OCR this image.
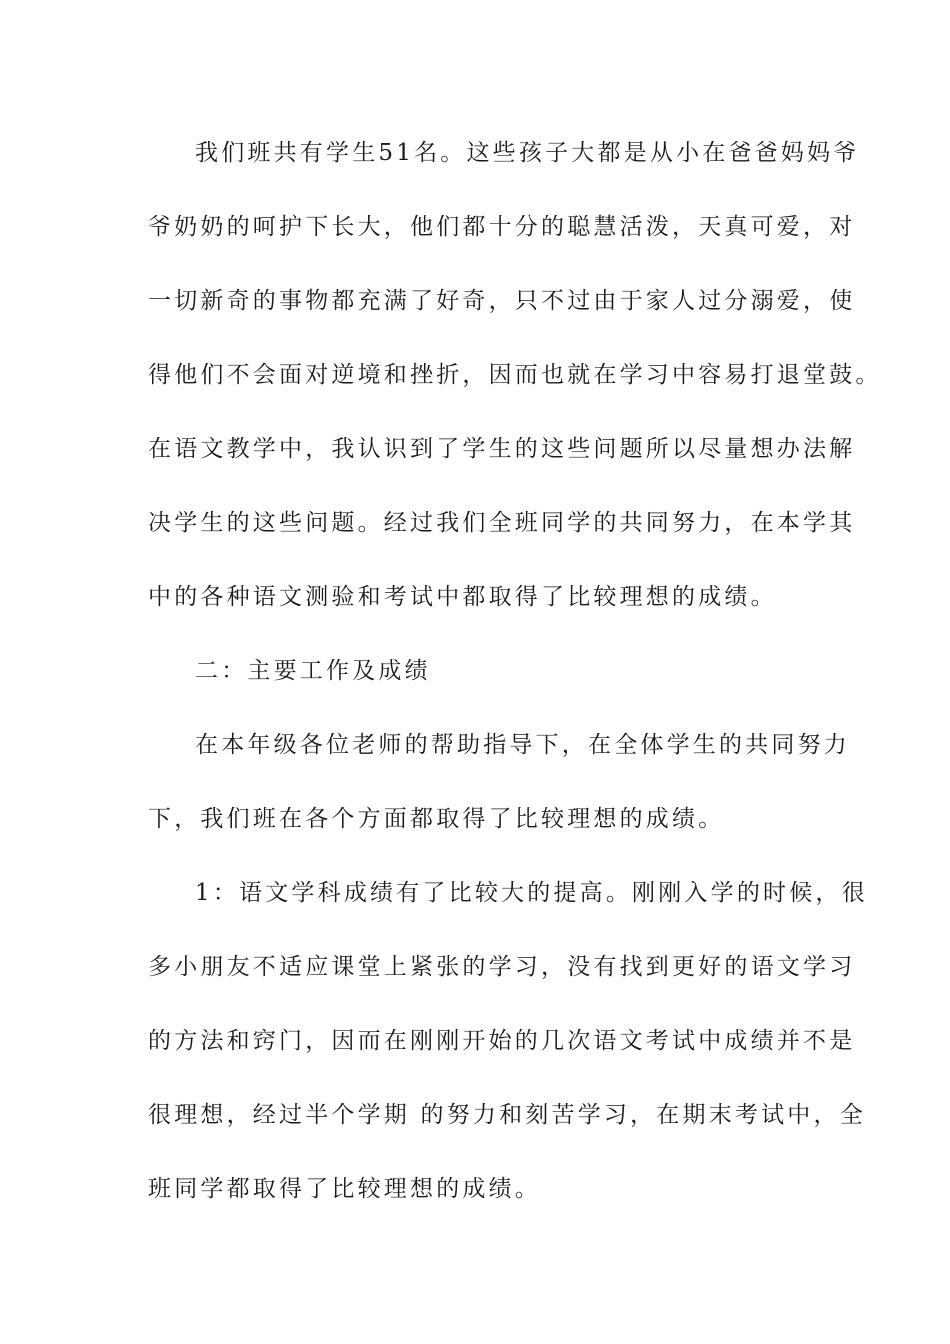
我们班共有学生51名。这些孩子大都是从小在爸爸妈妈爷
爷奶奶的呵护下长大，他们都十分的聪慧活泼，天真可爱，对
一切新奇的事物都充满了好奇，只不过由于家人过分溺爱，使
得他们不会面对逆境和挫折，因而也就在学习中容易打退堂鼓。
在语文教学中，我认识到了学生的这些问题所以尽量想办法解
决学生的这些问题。经过我们全班同学的共同努力，在本学其
中的各种语文测验和考试中都取得了比较理想的成绩。
二：主要工作及成绩
在本年级各位老师的帮助指导下，在全体学生的共同努力
下，我们班在各个方面都取得了比较理想的成绩。
1：语文学科成绩有了比较大的提高。刚刚入学的时候，很
多小朋友不适应课堂上紧张的学习，没有找到更好的语文学习
的方法和窍门，因而在刚刚开始的几次语文考试中成绩并不是
很理想，经过半个学期 的努力和刻苦学习，在期末考试中，全
班同学都取得了比较理想的成绩。
